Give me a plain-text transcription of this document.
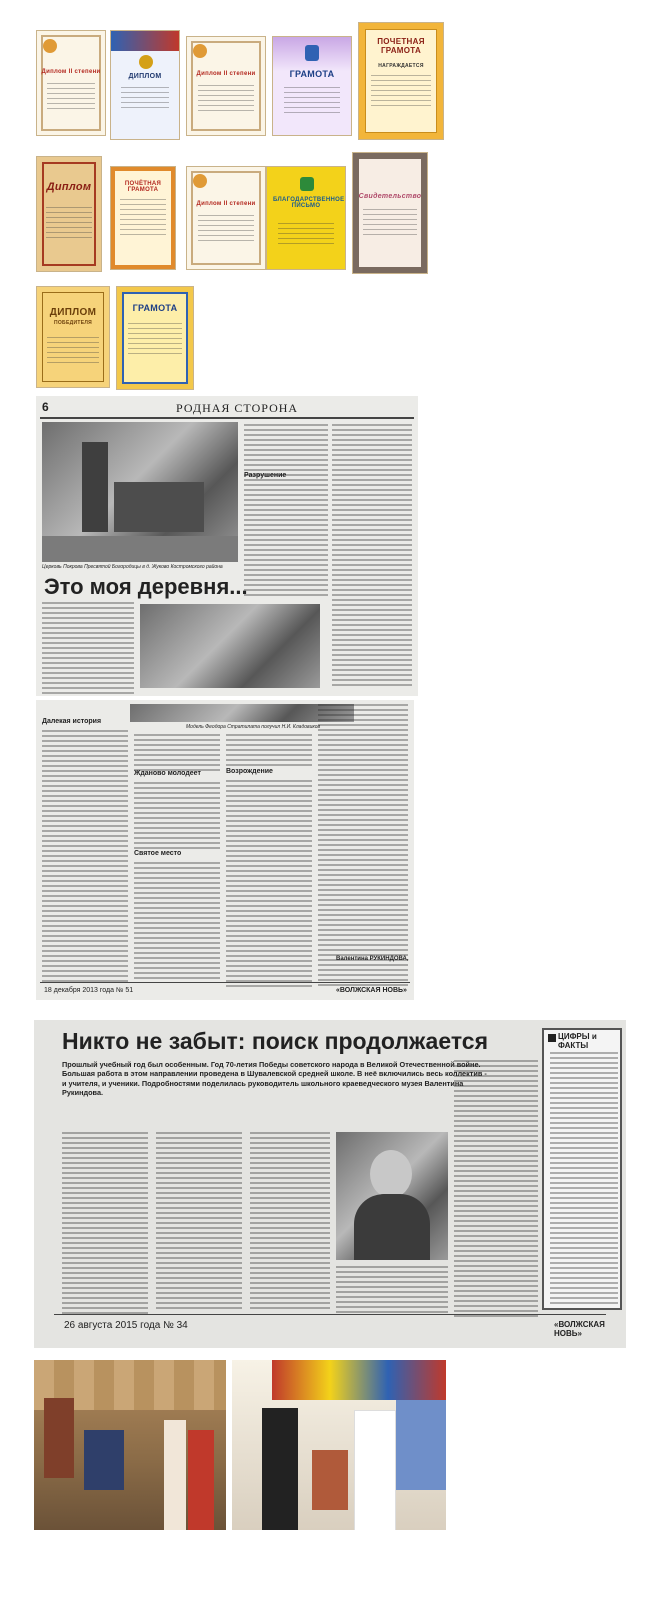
Диплом II степени
ДИПЛОМ	Диплом II степени	ГРАМОТА
ПОЧЕТНАЯ ГРАМОТА
НАГРАЖДАЕТСЯ
Диплом	ПОЧЁТНАЯ ГРАМОТА
Диплом II степени
БЛАГОДАРСТВЕННОЕ ПИСЬМО
Свидетельство
ДИПЛОМ
ПОБЕДИТЕЛЯ
ГРАМОТА
6	РОДНАЯ СТОРОНА
Церковь Покрова Пресвятой Богородицы в д. Жуково Костромского района
Это моя деревня...
Разрушение
Модель Феодора Стратилата получил Н.И. Кладовиков
Далекая история
Жданово молодеет
Святое место
Возрождение
Валентина РУКИНДОВА,
18 декабря 2013 года № 51	«ВОЛЖСКАЯ НОВЬ»
Никто не забыт: поиск продолжается
Прошлый учебный год был особенным. Год 70-летия Победы советского народа в Великой Отечественной войне. Большая работа в этом направлении проведена в Шувалевской средней школе. В неё включились весь коллектив - и учителя, и ученики. Подробностями поделилась руководитель школьного краеведческого музея Валентина Рукиндова.
ЦИФРЫ и ФАКТЫ
26 августа 2015 года № 34	«ВОЛЖСКАЯ НОВЬ»
